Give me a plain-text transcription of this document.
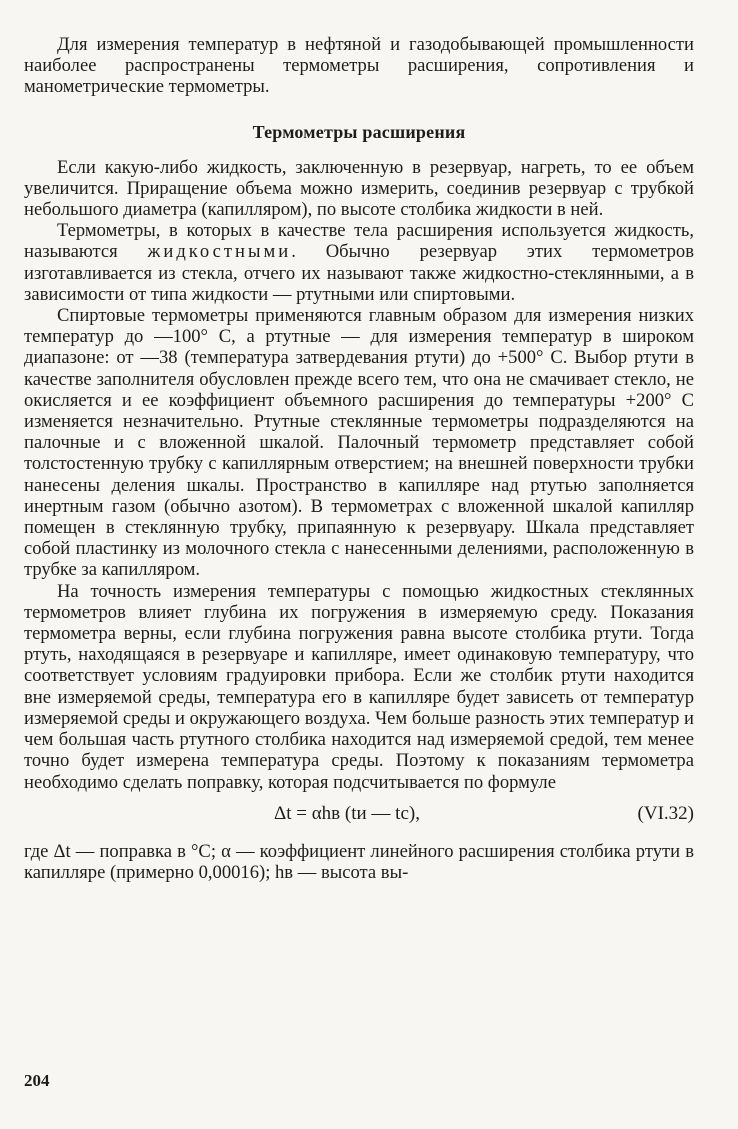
Для измерения температур в нефтяной и газодобывающей промышленности наиболее распространены термометры расширения, сопротивления и манометрические термометры.

Термометры расширения

Если какую-либо жидкость, заключенную в резервуар, нагреть, то ее объем увеличится. Приращение объема можно измерить, соединив резервуар с трубкой небольшого диаметра (капилляром), по высоте столбика жидкости в ней.

Термометры, в которых в качестве тела расширения используется жидкость, называются жидкостными. Обычно резервуар этих термометров изготавливается из стекла, отчего их называют также жидкостно-стеклянными, а в зависимости от типа жидкости — ртутными или спиртовыми.

Спиртовые термометры применяются главным образом для измерения низких температур до —100° С, а ртутные — для измерения температур в широком диапазоне: от —38 (температура затвердевания ртути) до +500° С. Выбор ртути в качестве заполнителя обусловлен прежде всего тем, что она не смачивает стекло, не окисляется и ее коэффициент объемного расширения до температуры +200° С изменяется незначительно. Ртутные стеклянные термометры подразделяются на палочные и с вложенной шкалой. Палочный термометр представляет собой толстостенную трубку с капиллярным отверстием; на внешней поверхности трубки нанесены деления шкалы. Пространство в капилляре над ртутью заполняется инертным газом (обычно азотом). В термометрах с вложенной шкалой капилляр помещен в стеклянную трубку, припаянную к резервуару. Шкала представляет собой пластинку из молочного стекла с нанесенными делениями, расположенную в трубке за капилляром.

На точность измерения температуры с помощью жидкостных стеклянных термометров влияет глубина их погружения в измеряемую среду. Показания термометра верны, если глубина погружения равна высоте столбика ртути. Тогда ртуть, находящаяся в резервуаре и капилляре, имеет одинаковую температуру, что соответствует условиям градуировки прибора. Если же столбик ртути находится вне измеряемой среды, температура его в капилляре будет зависеть от температур измеряемой среды и окружающего воздуха. Чем больше разность этих температур и чем большая часть ртутного столбика находится над измеряемой средой, тем менее точно будет измерена температура среды. Поэтому к показаниям термометра необходимо сделать поправку, которая подсчитывается по формуле

Δt = αhв (tи — tс),	(VI.32)

где Δt — поправка в °С; α — коэффициент линейного расширения столбика ртути в капилляре (примерно 0,00016); hв — высота вы-

204
